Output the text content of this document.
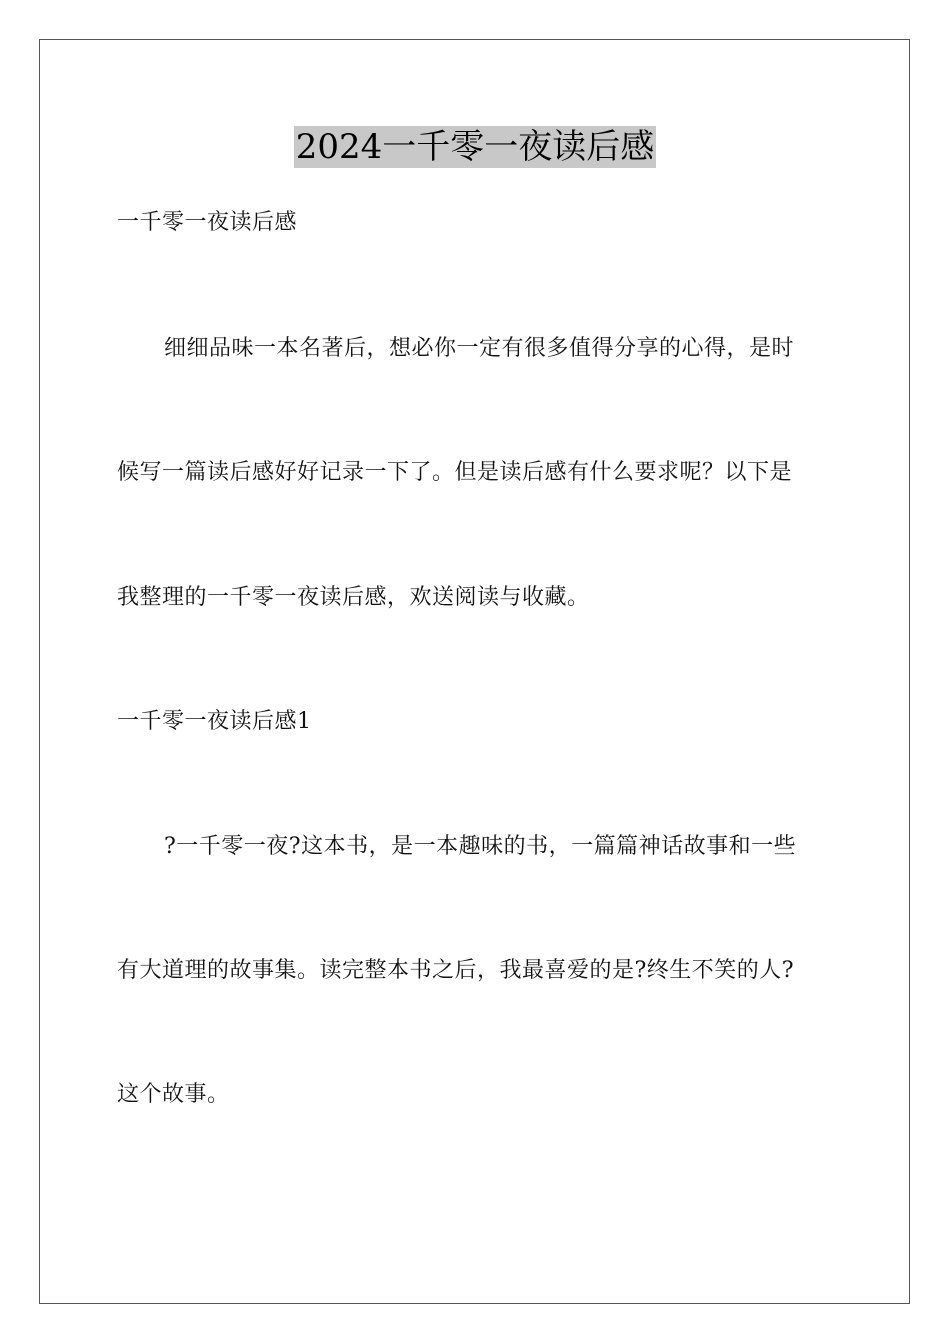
2024一千零一夜读后感
一千零一夜读后感
细细品味一本名著后，想必你一定有很多值得分享的心得，是时
候写一篇读后感好好记录一下了。但是读后感有什么要求呢？以下是
我整理的一千零一夜读后感，欢送阅读与收藏。
一千零一夜读后感1
?一千零一夜?这本书，是一本趣味的书，一篇篇神话故事和一些
有大道理的故事集。读完整本书之后，我最喜爱的是?终生不笑的人?
这个故事。
